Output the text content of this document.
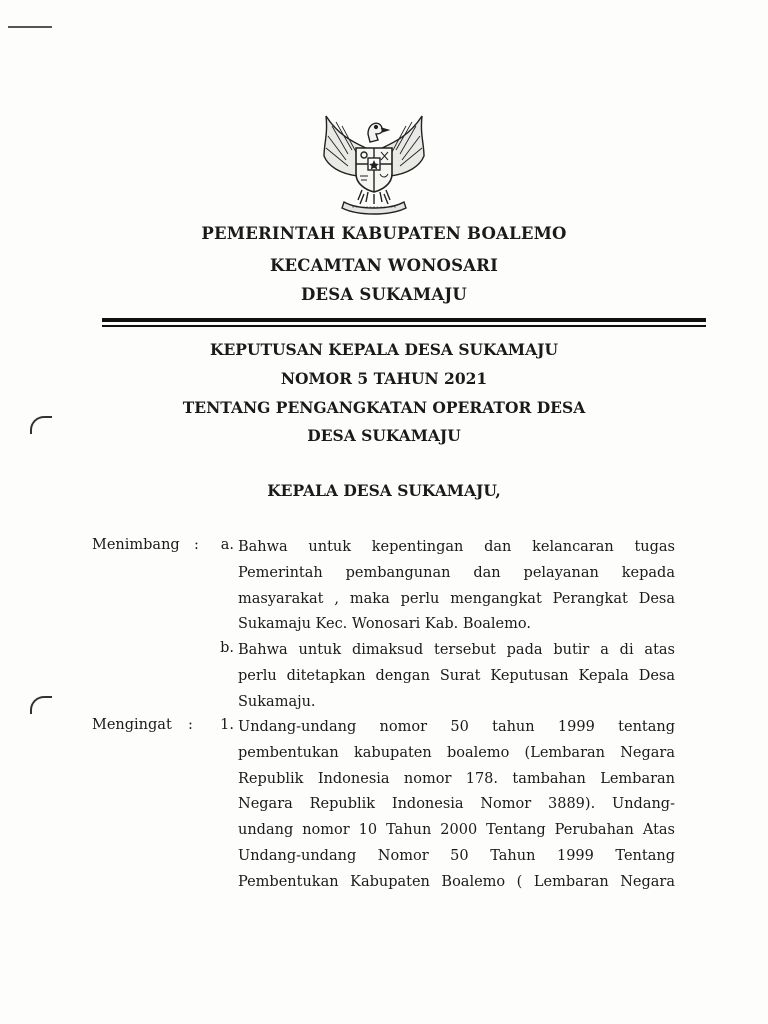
PEMERINTAH KABUPATEN BOALEMO
KECAMTAN WONOSARI
DESA SUKAMAJU
KEPUTUSAN KEPALA DESA SUKAMAJU
NOMOR 5 TAHUN 2021
TENTANG PENGANGKATAN OPERATOR DESA
DESA SUKAMAJU
KEPALA DESA SUKAMAJU,
Menimbang :	a. Bahwa untuk kepentingan dan kelancaran tugas
Pemerintah pembangunan dan pelayanan kepada
masyarakat , maka perlu mengangkat Perangkat Desa
Sukamaju Kec. Wonosari Kab. Boalemo.
b. Bahwa untuk dimaksud tersebut pada butir a di atas
perlu ditetapkan dengan Surat Keputusan Kepala Desa
Sukamaju.
Mengingat :	1. Undang-undang nomor 50 tahun 1999 tentang
pembentukan kabupaten boalemo (Lembaran Negara
Republik Indonesia nomor 178. tambahan Lembaran
Negara Republik Indonesia Nomor 3889). Undang-
undang nomor 10 Tahun 2000 Tentang Perubahan Atas
Undang-undang Nomor 50 Tahun 1999 Tentang
Pembentukan Kabupaten Boalemo ( Lembaran Negara
